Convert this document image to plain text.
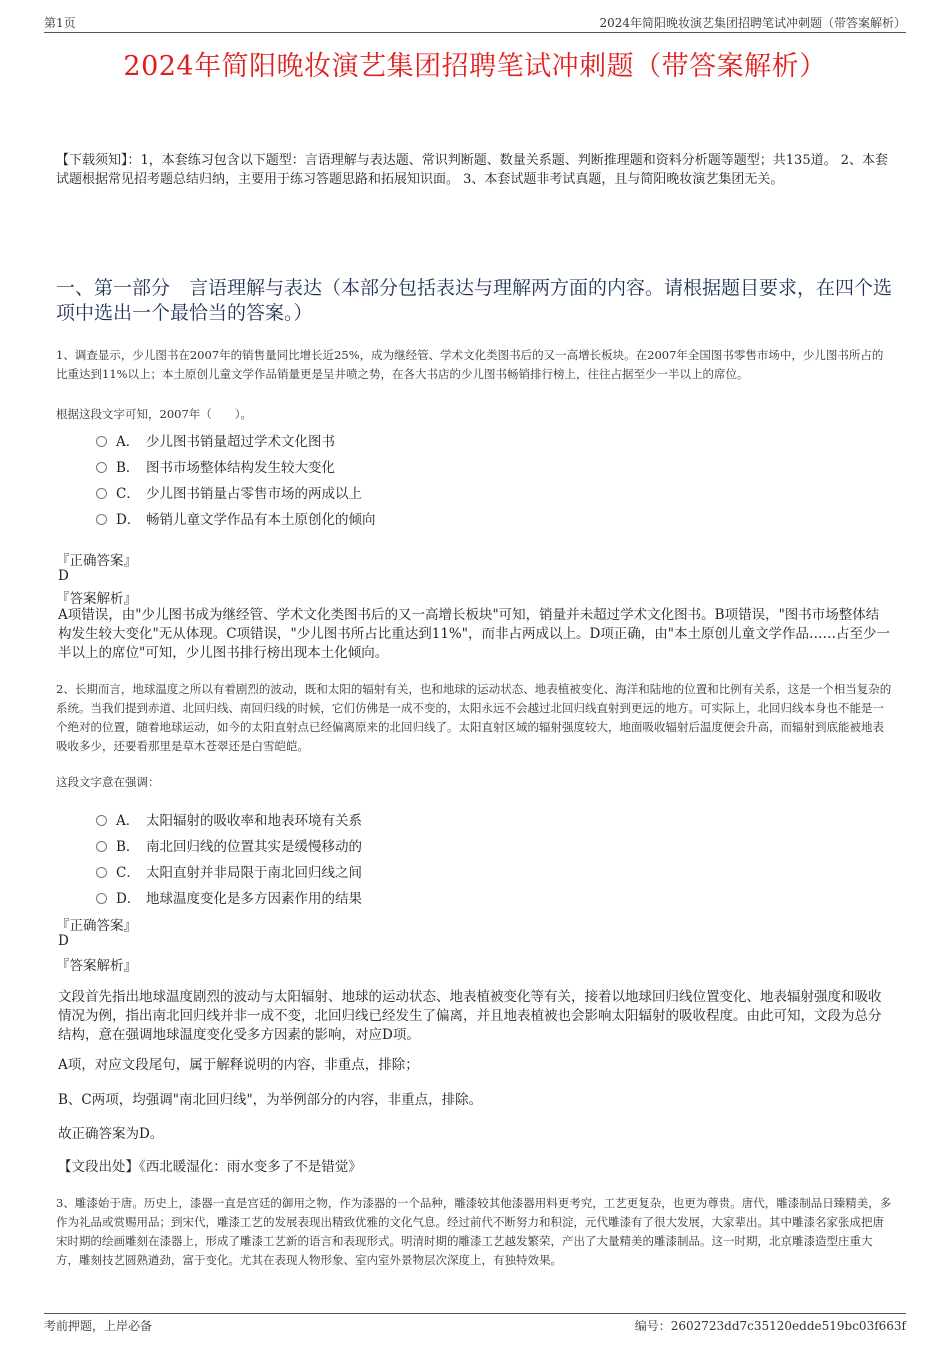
第1页	2024年简阳晚妆演艺集团招聘笔试冲刺题（带答案解析）
2024年简阳晚妆演艺集团招聘笔试冲刺题（带答案解析）
【下载须知】：1，本套练习包含以下题型：言语理解与表达题、常识判断题、数量关系题、判断推理题和资料分析题等题型；共135道。 2、本套试题根据常见招考题总结归纳，主要用于练习答题思路和拓展知识面。 3、本套试题非考试真题，且与简阳晚妆演艺集团无关。
一、第一部分　言语理解与表达（本部分包括表达与理解两方面的内容。请根据题目要求，在四个选项中选出一个最恰当的答案。）
1、调查显示，少儿图书在2007年的销售量同比增长近25%，成为继经管、学术文化类图书后的又一高增长板块。在2007年全国图书零售市场中，少儿图书所占的比重达到11%以上；本土原创儿童文学作品销量更是呈井喷之势，在各大书店的少儿图书畅销排行榜上，往往占据至少一半以上的席位。
根据这段文字可知，2007年（　　）。
A． 少儿图书销量超过学术文化图书
B． 图书市场整体结构发生较大变化
C． 少儿图书销量占零售市场的两成以上
D． 畅销儿童文学作品有本土原创化的倾向
『正确答案』
D
『答案解析』
A项错误，由"少儿图书成为继经管、学术文化类图书后的又一高增长板块"可知，销量并未超过学术文化图书。B项错误，"图书市场整体结构发生较大变化"无从体现。C项错误，"少儿图书所占比重达到11%"，而非占两成以上。D项正确，由"本土原创儿童文学作品……占至少一半以上的席位"可知，少儿图书排行榜出现本土化倾向。
2、长期而言，地球温度之所以有着剧烈的波动，既和太阳的辐射有关，也和地球的运动状态、地表植被变化、海洋和陆地的位置和比例有关系，这是一个相当复杂的系统。当我们提到赤道、北回归线、南回归线的时候，它们仿佛是一成不变的，太阳永远不会越过北回归线直射到更远的地方。可实际上，北回归线本身也不能是一个绝对的位置，随着地球运动，如今的太阳直射点已经偏离原来的北回归线了。太阳直射区域的辐射强度较大，地面吸收辐射后温度便会升高，而辐射到底能被地表吸收多少，还要看那里是草木苍翠还是白雪皑皑。
这段文字意在强调：
A． 太阳辐射的吸收率和地表环境有关系
B． 南北回归线的位置其实是缓慢移动的
C． 太阳直射并非局限于南北回归线之间
D． 地球温度变化是多方因素作用的结果
『正确答案』
D
『答案解析』
文段首先指出地球温度剧烈的波动与太阳辐射、地球的运动状态、地表植被变化等有关，接着以地球回归线位置变化、地表辐射强度和吸收情况为例，指出南北回归线并非一成不变，北回归线已经发生了偏离，并且地表植被也会影响太阳辐射的吸收程度。由此可知，文段为总分结构，意在强调地球温度变化受多方因素的影响，对应D项。
A项，对应文段尾句，属于解释说明的内容，非重点，排除；
B、C两项，均强调"南北回归线"，为举例部分的内容，非重点，排除。
故正确答案为D。
【文段出处】《西北暖湿化：雨水变多了不是错觉》
3、雕漆始于唐。历史上，漆器一直是宫廷的御用之物，作为漆器的一个品种，雕漆较其他漆器用料更考究，工艺更复杂，也更为尊贵。唐代，雕漆制品日臻精美，多作为礼品或赏赐用品；到宋代，雕漆工艺的发展表现出精致优雅的文化气息。经过前代不断努力和积淀，元代雕漆有了很大发展，大家辈出。其中雕漆名家张成把唐宋时期的绘画雕刻在漆器上，形成了雕漆工艺新的语言和表现形式。明清时期的雕漆工艺越发繁荣，产出了大量精美的雕漆制品。这一时期，北京雕漆造型庄重大方，雕刻技艺圆熟遒劲，富于变化。尤其在表现人物形象、室内室外景物层次深度上，有独特效果。
考前押题，上岸必备	编号：2602723dd7c35120edde519bc03f663f
